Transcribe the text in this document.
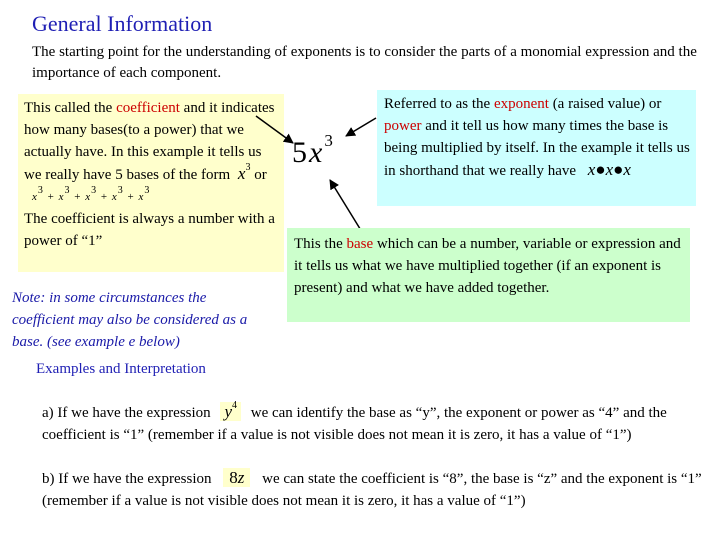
General Information
The starting point for the understanding of exponents is to consider the parts of a monomial expression and the importance of each component.
This called the coefficient and it indicates how many bases(to a power) that we actually have. In this example it tells us we really have 5 bases of the form $x^3$ or
$x^3 + x^3 + x^3 + x^3 + x^3$
The coefficient is always a number with a power of “1”
5x $^3$
Referred to as the exponent (a raised value) or power and it tell us how many times the base is being multiplied by itself. In the example it tells us in shorthand that we really have x●x●x
This the base which can be a number, variable or expression and it tells us what we have multiplied together (if an exponent is present) and what we have added together.
Note: in some circumstances the coefficient may also be considered as a base. (see example e below)
Examples and Interpretation
a) If we have the expression $y^4$ we can identify the base as “y”, the exponent or power as “4” and the coefficient is “1” (remember if a value is not visible does not mean it is zero, it has a value of “1”)
b) If we have the expression 8z we can state the coefficient is “8”, the base is “z” and the exponent is “1” (remember if a value is not visible does not mean it is zero, it has a value of “1”)
